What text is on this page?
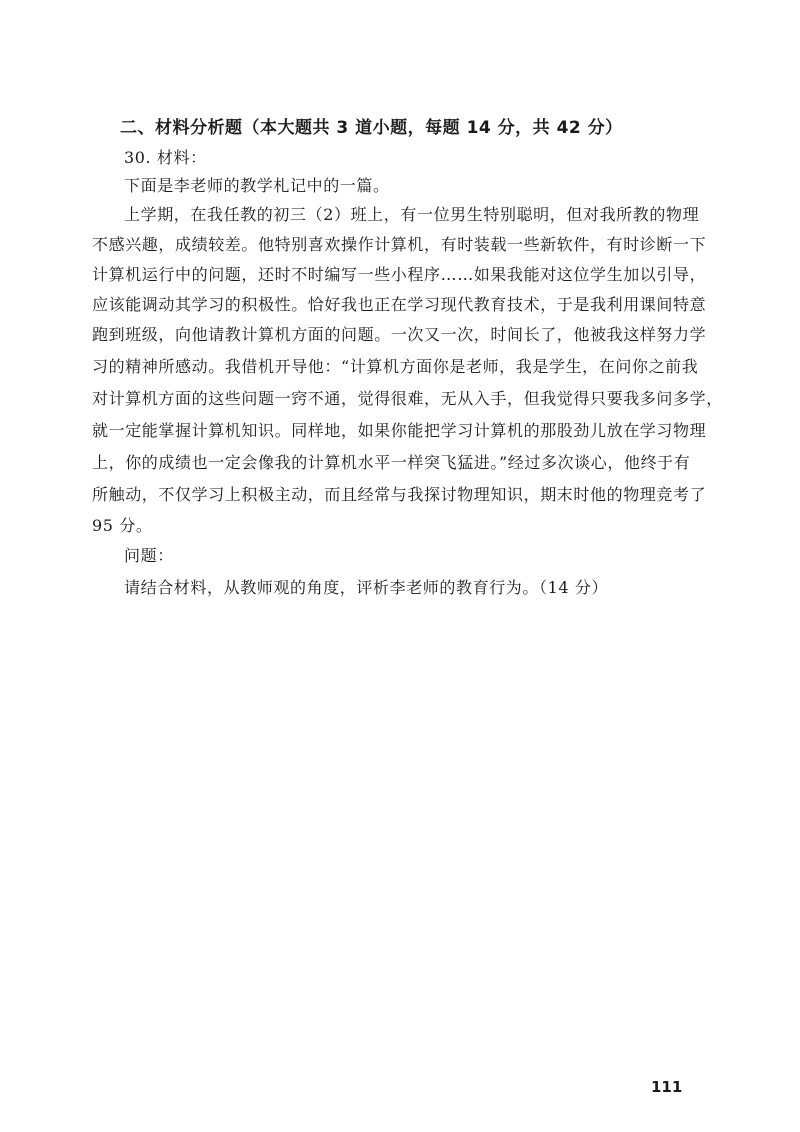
二、材料分析题（本大题共 3 道小题，每题 14 分，共 42 分）
30. 材料：
下面是李老师的教学札记中的一篇。
上学期，在我任教的初三（2）班上，有一位男生特别聪明，但对我所教的物理
不感兴趣，成绩较差。他特别喜欢操作计算机，有时装载一些新软件，有时诊断一下
计算机运行中的问题，还时不时编写一些小程序……如果我能对这位学生加以引导，
应该能调动其学习的积极性。恰好我也正在学习现代教育技术，于是我利用课间特意
跑到班级，向他请教计算机方面的问题。一次又一次，时间长了，他被我这样努力学
习的精神所感动。我借机开导他：“计算机方面你是老师，我是学生，在问你之前我
对计算机方面的这些问题一窍不通，觉得很难，无从入手，但我觉得只要我多问多学，
就一定能掌握计算机知识。同样地，如果你能把学习计算机的那股劲儿放在学习物理
上，你的成绩也一定会像我的计算机水平一样突飞猛进。”经过多次谈心，他终于有
所触动，不仅学习上积极主动，而且经常与我探讨物理知识，期末时他的物理竞考了
95 分。
问题：
请结合材料，从教师观的角度，评析李老师的教育行为。（14 分）
111
